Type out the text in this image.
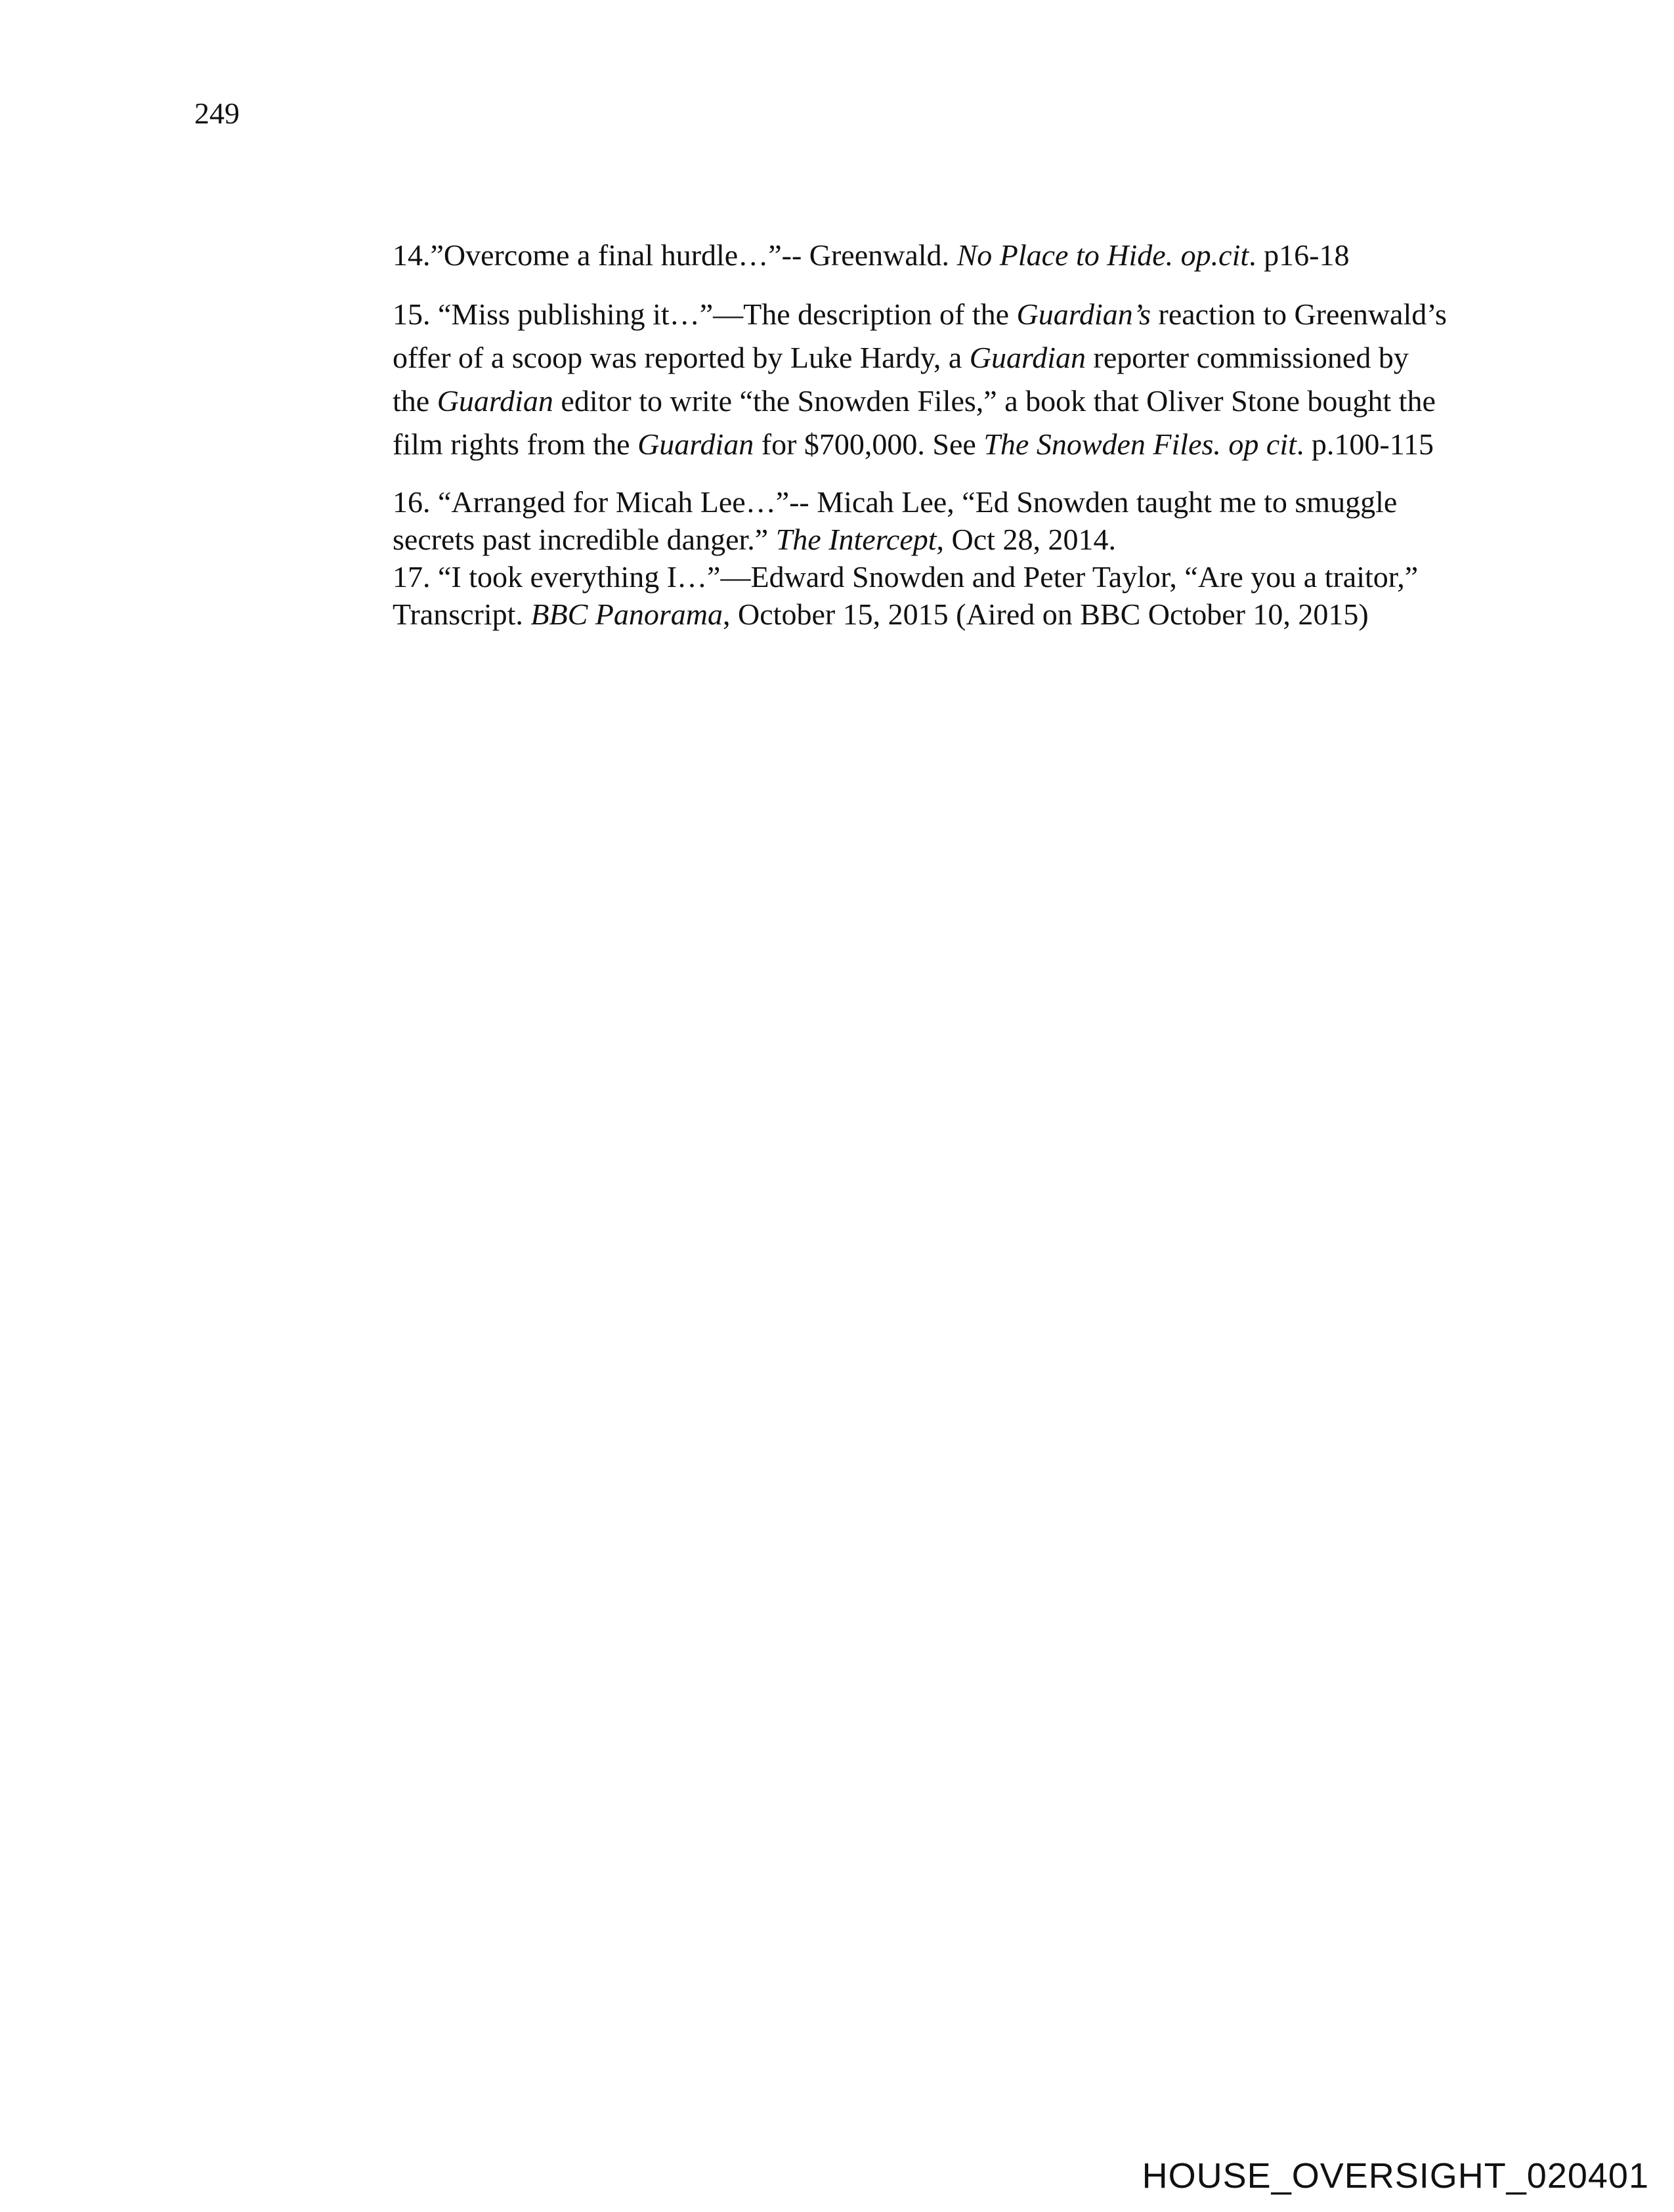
249

14.”Overcome a final hurdle…”-- Greenwald. No Place to Hide. op.cit. p16-18

15. “Miss publishing it…”—The description of the Guardian’s reaction to Greenwald’s offer of a scoop was reported by Luke Hardy, a Guardian reporter commissioned by the Guardian editor to write “the Snowden Files,” a book that Oliver Stone bought the film rights from the Guardian for $700,000. See The Snowden Files. op cit. p.100-115

16. “Arranged for Micah Lee…”-- Micah Lee, “Ed Snowden taught me to smuggle secrets past incredible danger.” The Intercept, Oct 28, 2014.

17. “I took everything I…”—Edward Snowden and Peter Taylor, “Are you a traitor,” Transcript. BBC Panorama, October 15, 2015 (Aired on BBC October 10, 2015)

HOUSE_OVERSIGHT_020401
